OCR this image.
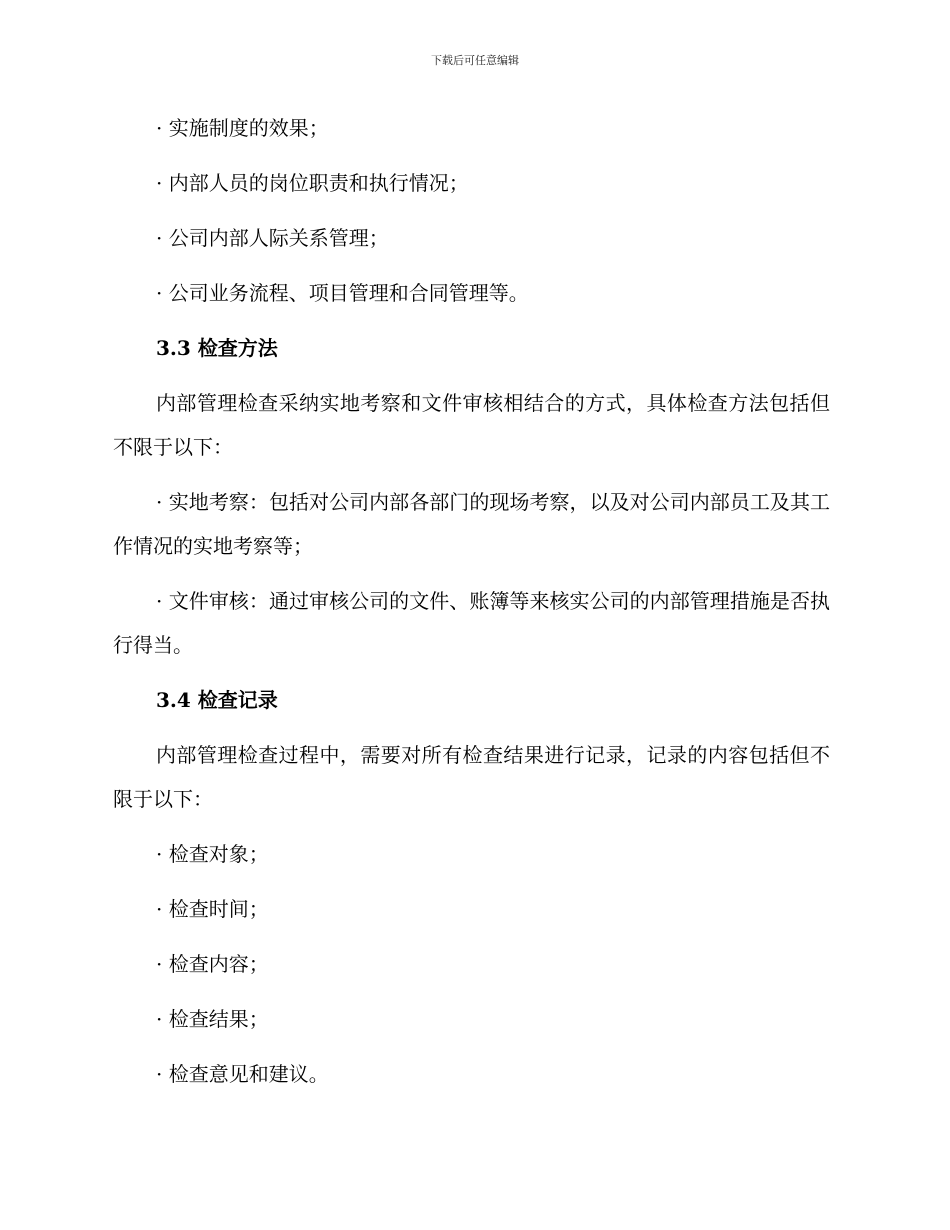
下载后可任意编辑
· 实施制度的效果；
· 内部人员的岗位职责和执行情况；
· 公司内部人际关系管理；
· 公司业务流程、项目管理和合同管理等。
3.3 检查方法
内部管理检查采纳实地考察和文件审核相结合的方式，具体检查方法包括但不限于以下：
· 实地考察：包括对公司内部各部门的现场考察，以及对公司内部员工及其工作情况的实地考察等；
· 文件审核：通过审核公司的文件、账簿等来核实公司的内部管理措施是否执行得当。
3.4 检查记录
内部管理检查过程中，需要对所有检查结果进行记录，记录的内容包括但不限于以下：
· 检查对象；
· 检查时间；
· 检查内容；
· 检查结果；
· 检查意见和建议。
